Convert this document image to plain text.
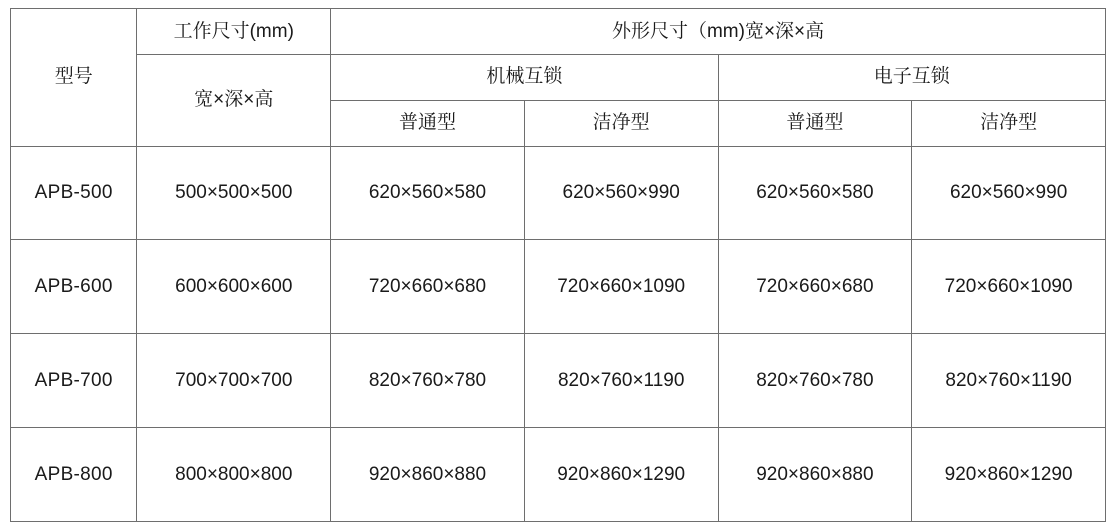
型号	工作尺寸(mm)	外形尺寸（mm)宽×深×高			
	宽×深×高	机械互锁		电子互锁	
		普通型	洁净型	普通型	洁净型
APB-500	500×500×500	620×560×580	620×560×990	620×560×580	620×560×990
APB-600	600×600×600	720×660×680	720×660×1090	720×660×680	720×660×1090
APB-700	700×700×700	820×760×780	820×760×1190	820×760×780	820×760×1190
APB-800	800×800×800	920×860×880	920×860×1290	920×860×880	920×860×1290
